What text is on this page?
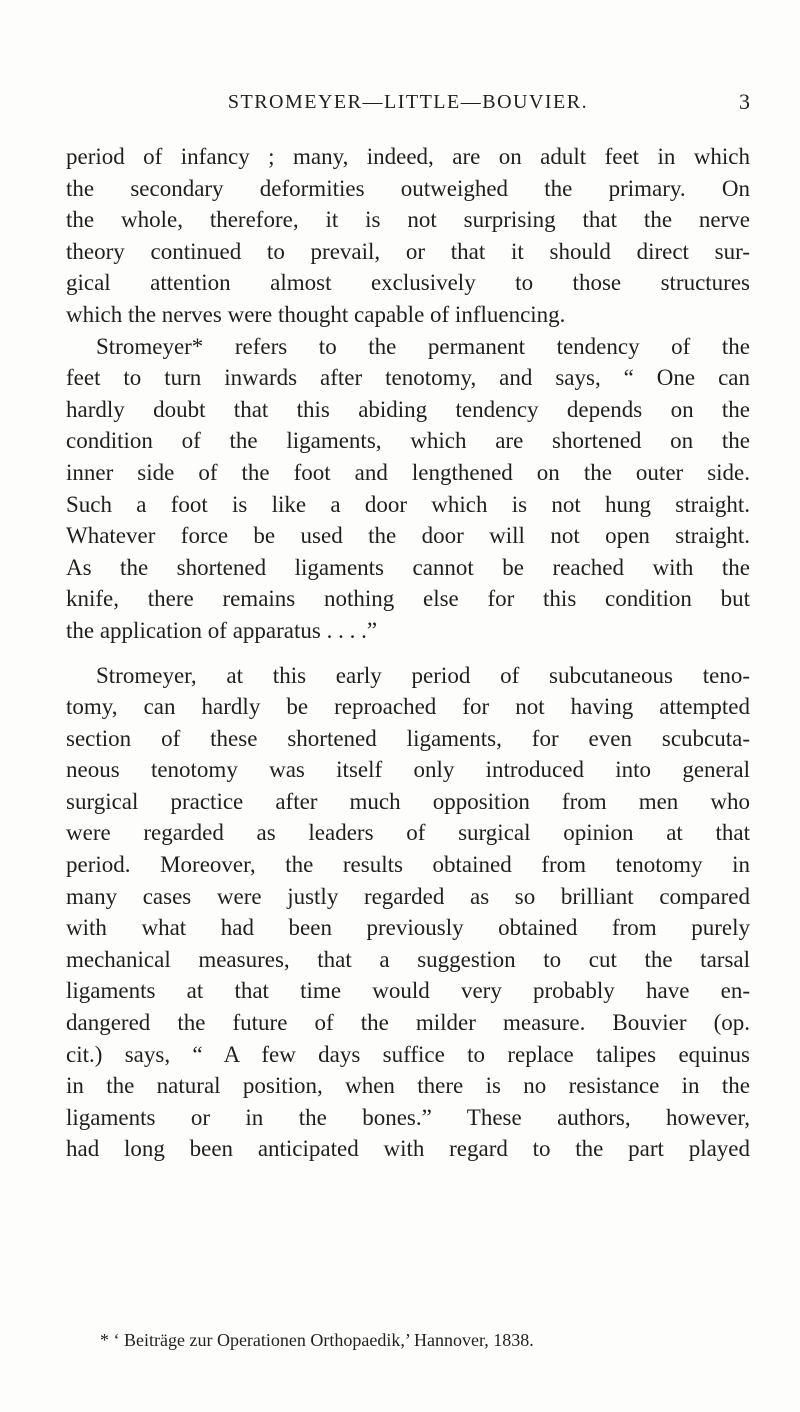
STROMEYER—LITTLE—BOUVIER.	3
period of infancy ; many, indeed, are on adult feet in which
the secondary deformities outweighed the primary. On
the whole, therefore, it is not surprising that the nerve
theory continued to prevail, or that it should direct sur-
gical attention almost exclusively to those structures
which the nerves were thought capable of influencing.
Stromeyer* refers to the permanent tendency of the
feet to turn inwards after tenotomy, and says, “ One can
hardly doubt that this abiding tendency depends on the
condition of the ligaments, which are shortened on the
inner side of the foot and lengthened on the outer side.
Such a foot is like a door which is not hung straight.
Whatever force be used the door will not open straight.
As the shortened ligaments cannot be reached with the
knife, there remains nothing else for this condition but
the application of apparatus . . . .”
Stromeyer, at this early period of subcutaneous teno-
tomy, can hardly be reproached for not having attempted
section of these shortened ligaments, for even scubcuta-
neous tenotomy was itself only introduced into general
surgical practice after much opposition from men who
were regarded as leaders of surgical opinion at that
period. Moreover, the results obtained from tenotomy in
many cases were justly regarded as so brilliant compared
with what had been previously obtained from purely
mechanical measures, that a suggestion to cut the tarsal
ligaments at that time would very probably have en-
dangered the future of the milder measure. Bouvier (op.
cit.) says, “ A few days suffice to replace talipes equinus
in the natural position, when there is no resistance in the
ligaments or in the bones.” These authors, however,
had long been anticipated with regard to the part played
* ‘ Beiträge zur Operationen Orthopaedik,’ Hannover, 1838.
